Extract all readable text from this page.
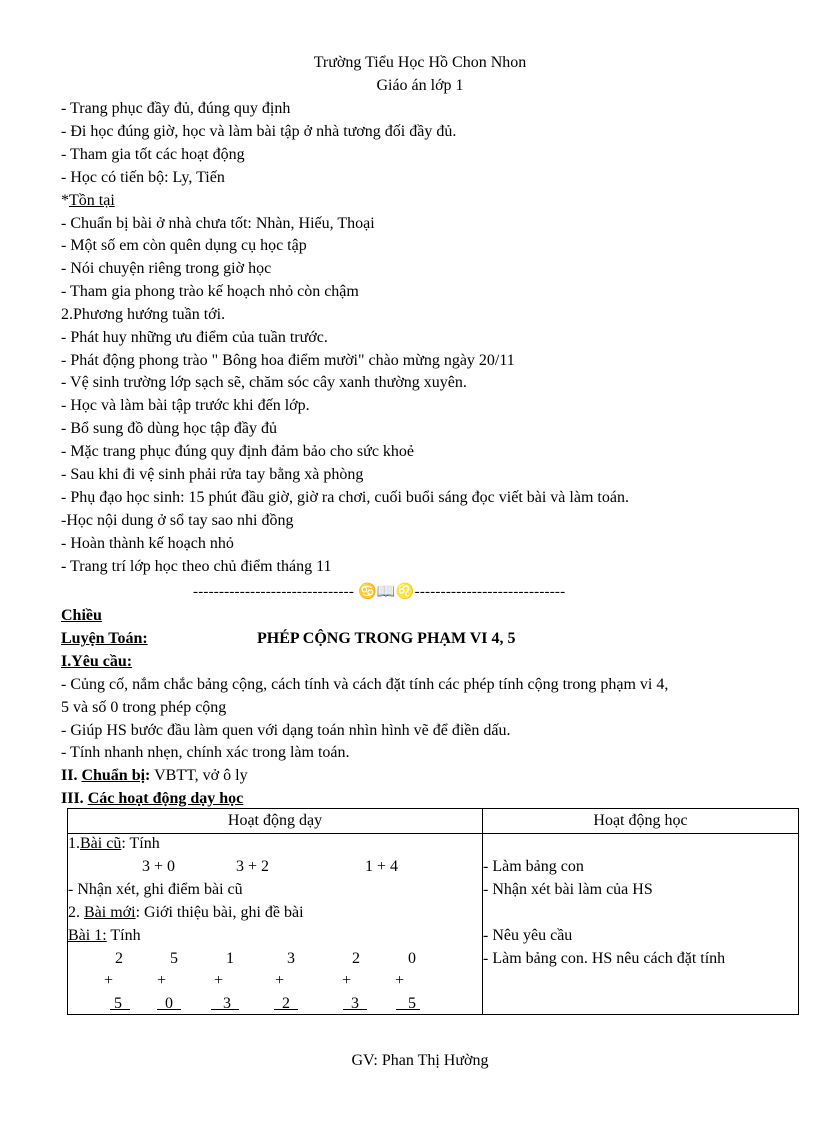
Trường Tiểu Học Hồ Chon Nhon
Giáo án lớp 1
- Trang phục đầy đủ, đúng quy định
- Đi học đúng giờ, học và làm bài tập ở nhà tương đối đầy đủ.
- Tham gia tốt các hoạt động
- Học có tiến bộ: Ly, Tiến
*Tồn tại
- Chuẩn bị bài ở nhà chưa tốt: Nhàn, Hiếu, Thoại
- Một số em còn quên dụng cụ học tập
- Nói chuyện riêng trong giờ học
- Tham gia phong trào kế hoạch nhỏ còn chậm
2.Phương hướng tuần tới.
- Phát huy những ưu điểm của tuần trước.
- Phát động phong trào " Bông hoa điểm mười" chào mừng ngày 20/11
- Vệ sinh trường lớp sạch sẽ, chăm sóc cây xanh thường xuyên.
- Học và làm bài tập trước khi đến lớp.
- Bổ sung đồ dùng học tập đầy đủ
- Mặc trang phục đúng quy định đảm bảo cho sức khoẻ
- Sau khi đi vệ sinh phải rửa tay bằng xà phòng
- Phụ đạo học sinh: 15 phút đầu giờ, giờ ra chơi, cuối buổi sáng đọc viết bài và làm toán.
-Học nội dung ở sổ tay sao nhi đồng
- Hoàn thành kế hoạch nhỏ
- Trang trí lớp học theo chủ điểm tháng 11
------------------------------- ♋📖♌-----------------------------
Chiều
Luyện Toán:	PHÉP CỘNG TRONG PHẠM VI 4, 5
I.Yêu cầu:
- Củng cố, nắm chắc bảng cộng, cách tính và cách đặt tính các phép tính cộng trong phạm vi 4,
5 và số 0 trong phép cộng
- Giúp HS bước đầu làm quen với dạng toán nhìn hình vẽ để điền dấu.
- Tính nhanh nhẹn, chính xác trong làm toán.
II. Chuẩn bị: VBTT, vở ô ly
III. Các hoạt động dạy học
Hoạt động dạy	Hoạt động học
1.Bài cũ: Tính
3 + 0	3 + 2	1 + 4
- Nhận xét, ghi điểm bài cũ
2. Bài mới: Giới thiệu bài, ghi đề bài
Bài 1: Tính
2	5	1	3	2	0
+	+	+	+	+	+
5	0	3	2	3	5
- Làm bảng con
- Nhận xét bài làm của HS
- Nêu yêu cầu
- Làm bảng con. HS nêu cách đặt tính
GV: Phan Thị Hường
